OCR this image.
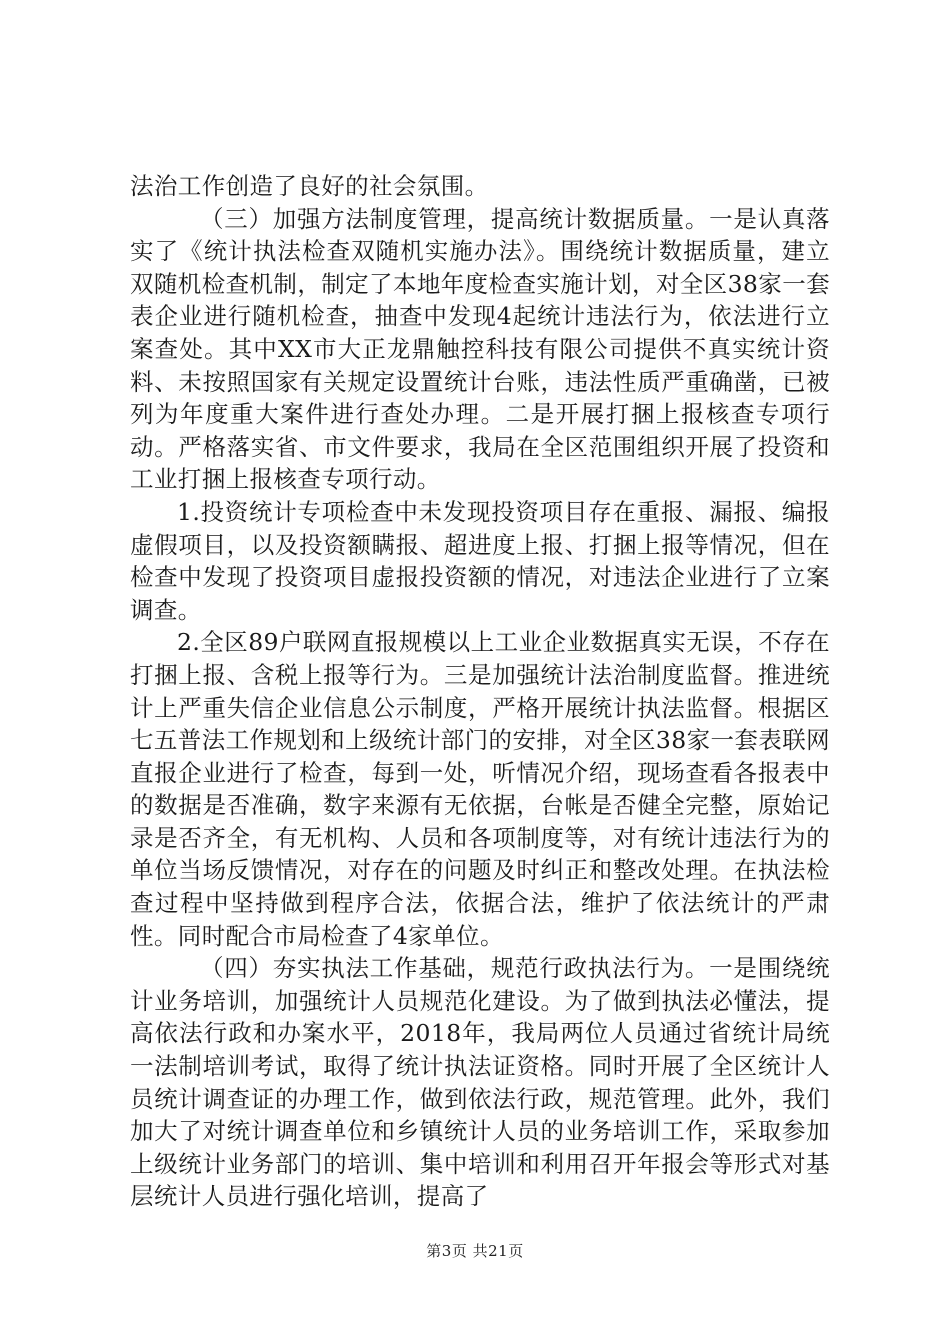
法治工作创造了良好的社会氛围。

（三）加强方法制度管理，提高统计数据质量。一是认真落实了《统计执法检查双随机实施办法》。围绕统计数据质量，建立双随机检查机制，制定了本地年度检查实施计划，对全区38家一套表企业进行随机检查，抽查中发现4起统计违法行为，依法进行立案查处。其中XX市大正龙鼎触控科技有限公司提供不真实统计资料、未按照国家有关规定设置统计台账，违法性质严重确凿，已被列为年度重大案件进行查处办理。二是开展打捆上报核查专项行动。严格落实省、市文件要求，我局在全区范围组织开展了投资和工业打捆上报核查专项行动。

1.投资统计专项检查中未发现投资项目存在重报、漏报、编报虚假项目，以及投资额瞒报、超进度上报、打捆上报等情况，但在检查中发现了投资项目虚报投资额的情况，对违法企业进行了立案调查。

2.全区89户联网直报规模以上工业企业数据真实无误，不存在打捆上报、含税上报等行为。三是加强统计法治制度监督。推进统计上严重失信企业信息公示制度，严格开展统计执法监督。根据区七五普法工作规划和上级统计部门的安排，对全区38家一套表联网直报企业进行了检查，每到一处，听情况介绍，现场查看各报表中的数据是否准确，数字来源有无依据，台帐是否健全完整，原始记录是否齐全，有无机构、人员和各项制度等，对有统计违法行为的单位当场反馈情况，对存在的问题及时纠正和整改处理。在执法检查过程中坚持做到程序合法，依据合法，维护了依法统计的严肃性。同时配合市局检查了4家单位。

（四）夯实执法工作基础，规范行政执法行为。一是围绕统计业务培训，加强统计人员规范化建设。为了做到执法必懂法，提高依法行政和办案水平，2018年，我局两位人员通过省统计局统一法制培训考试，取得了统计执法证资格。同时开展了全区统计人员统计调查证的办理工作，做到依法行政，规范管理。此外，我们加大了对统计调查单位和乡镇统计人员的业务培训工作，采取参加上级统计业务部门的培训、集中培训和利用召开年报会等形式对基层统计人员进行强化培训，提高了

第3页 共21页
